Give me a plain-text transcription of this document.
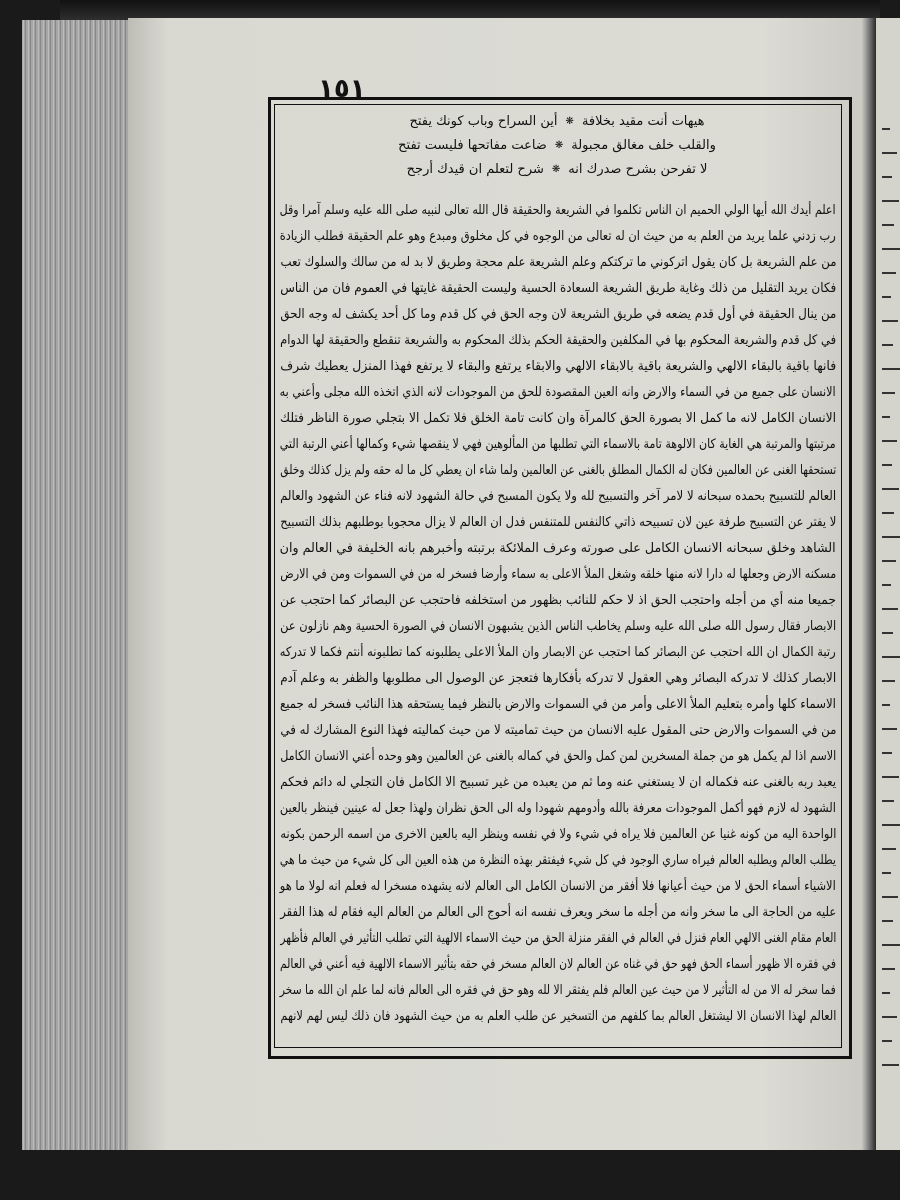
١٥١
هيهات أنت مقيد بخلافة
❋
أين السراح وباب كونك يفتح
والقلب خلف مغالق مجبولة
❋
ضاعت مفاتحها فليست تفتح
لا تفرحن بشرح صدرك انه
❋
شرح لتعلم ان قيدك أرجح
اعلم أيدك الله أيها الولي الحميم ان الناس تكلموا في الشريعة والحقيقة قال الله تعالى لنبيه صلى الله عليه وسلم آمرا وقل
رب زدني علما يريد من العلم به من حيث ان له تعالى من الوجوه في كل مخلوق ومبدع وهو علم الحقيقة فطلب الزيادة
من علم الشريعة بل كان يقول اتركوني ما تركتكم وعلم الشريعة علم محجة وطريق لا بد له من سالك والسلوك تعب
فكان يريد التقليل من ذلك وغاية طريق الشريعة السعادة الحسية وليست الحقيقة غايتها في العموم فان من الناس
من ينال الحقيقة في أول قدم يضعه في طريق الشريعة لان وجه الحق في كل قدم وما كل أحد يكشف له وجه الحق
في كل قدم والشريعة المحكوم بها في المكلفين والحقيقة الحكم بذلك المحكوم به والشريعة تنقطع والحقيقة لها الدوام
فانها باقية بالبقاء الالهي والشريعة باقية بالابقاء الالهي والابقاء يرتفع والبقاء لا يرتفع فهذا المنزل يعطيك شرف
الانسان على جميع من في السماء والارض وانه العين المقصودة للحق من الموجودات لانه الذي اتخذه الله مجلى وأعني به
الانسان الكامل لانه ما كمل الا بصورة الحق كالمرآة وان كانت تامة الخلق فلا تكمل الا بتجلي صورة الناظر فتلك
مرتبتها والمرتبة هي الغاية كان الالوهة تامة بالاسماء التي تطلبها من المألوهين فهي لا ينقصها شيء وكمالها أعني الرتبة التي
تستحقها الغنى عن العالمين فكان له الكمال المطلق بالغنى عن العالمين ولما شاء ان يعطي كل ما له حقه ولم يزل كذلك وخلق
العالم للتسبيح بحمده سبحانه لا لامر آخر والتسبيح لله ولا يكون المسبح في حالة الشهود لانه فناء عن الشهود والعالم
لا يفتر عن التسبيح طرفة عين لان تسبيحه ذاتي كالنفس للمتنفس فدل ان العالم لا يزال محجوبا بوطلبهم بذلك التسبيح
الشاهد وخلق سبحانه الانسان الكامل على صورته وعرف الملائكة برتبته وأخبرهم بانه الخليفة في العالم وان
مسكنه الارض وجعلها له دارا لانه منها خلقه وشغل الملأ الاعلى به سماء وأرضا فسخر له من في السموات ومن في الارض
جميعا منه أي من أجله واحتجب الحق اذ لا حكم للنائب بظهور من استخلفه فاحتجب عن البصائر كما احتجب عن
الابصار فقال رسول الله صلى الله عليه وسلم يخاطب الناس الذين يشبهون الانسان في الصورة الحسية وهم نازلون عن
رتبة الكمال ان الله احتجب عن البصائر كما احتجب عن الابصار وان الملأ الاعلى يطلبونه كما تطلبونه أنتم فكما لا تدركه
الابصار كذلك لا تدركه البصائر وهي العقول لا تدركه بأفكارها فتعجز عن الوصول الى مطلوبها والظفر به وعلم آدم
الاسماء كلها وأمره بتعليم الملأ الاعلى وأمر من في السموات والارض بالنظر فيما يستحقه هذا النائب فسخر له جميع
من في السموات والارض حتى المقول عليه الانسان من حيث تماميته لا من حيث كماليته فهذا النوع المشارك له في
الاسم اذا لم يكمل هو من جملة المسخرين لمن كمل والحق في كماله بالغنى عن العالمين وهو وحده أعني الانسان الكامل
يعبد ربه بالغنى عنه فكماله ان لا يستغني عنه وما ثم من يعبده من غير تسبيح الا الكامل فان التجلي له دائم فحكم
الشهود له لازم فهو أكمل الموجودات معرفة بالله وأدومهم شهودا وله الى الحق نظران ولهذا جعل له عينين فينظر بالعين
الواحدة اليه من كونه غنيا عن العالمين فلا يراه في شيء ولا في نفسه وينظر اليه بالعين الاخرى من اسمه الرحمن بكونه
يطلب العالم ويطلبه العالم فيراه ساري الوجود في كل شيء فيفتقر بهذه النظرة من هذه العين الى كل شيء من حيث ما هي
الاشياء أسماء الحق لا من حيث أعيانها فلا أفقر من الانسان الكامل الى العالم لانه يشهده مسخرا له فعلم انه لولا ما هو
عليه من الحاجة الى ما سخر وانه من أجله ما سخر ويعرف نفسه انه أحوج الى العالم من العالم اليه فقام له هذا الفقر
العام مقام الغنى الالهي العام فنزل في العالم في الفقر منزلة الحق من حيث الاسماء الالهية التي تطلب التأثير في العالم فأظهر
في فقره الا ظهور أسماء الحق فهو حق في غناه عن العالم لان العالم مسخر في حقه بتأثير الاسماء الالهية فيه أعني في العالم
فما سخر له الا من له التأثير لا من حيث عين العالم فلم يفتقر الا لله وهو حق في فقره الى العالم فانه لما علم ان الله ما سخر
العالم لهذا الانسان الا ليشتغل العالم بما كلفهم من التسخير عن طلب العلم به من حيث الشهود فان ذلك ليس لهم لانهم
